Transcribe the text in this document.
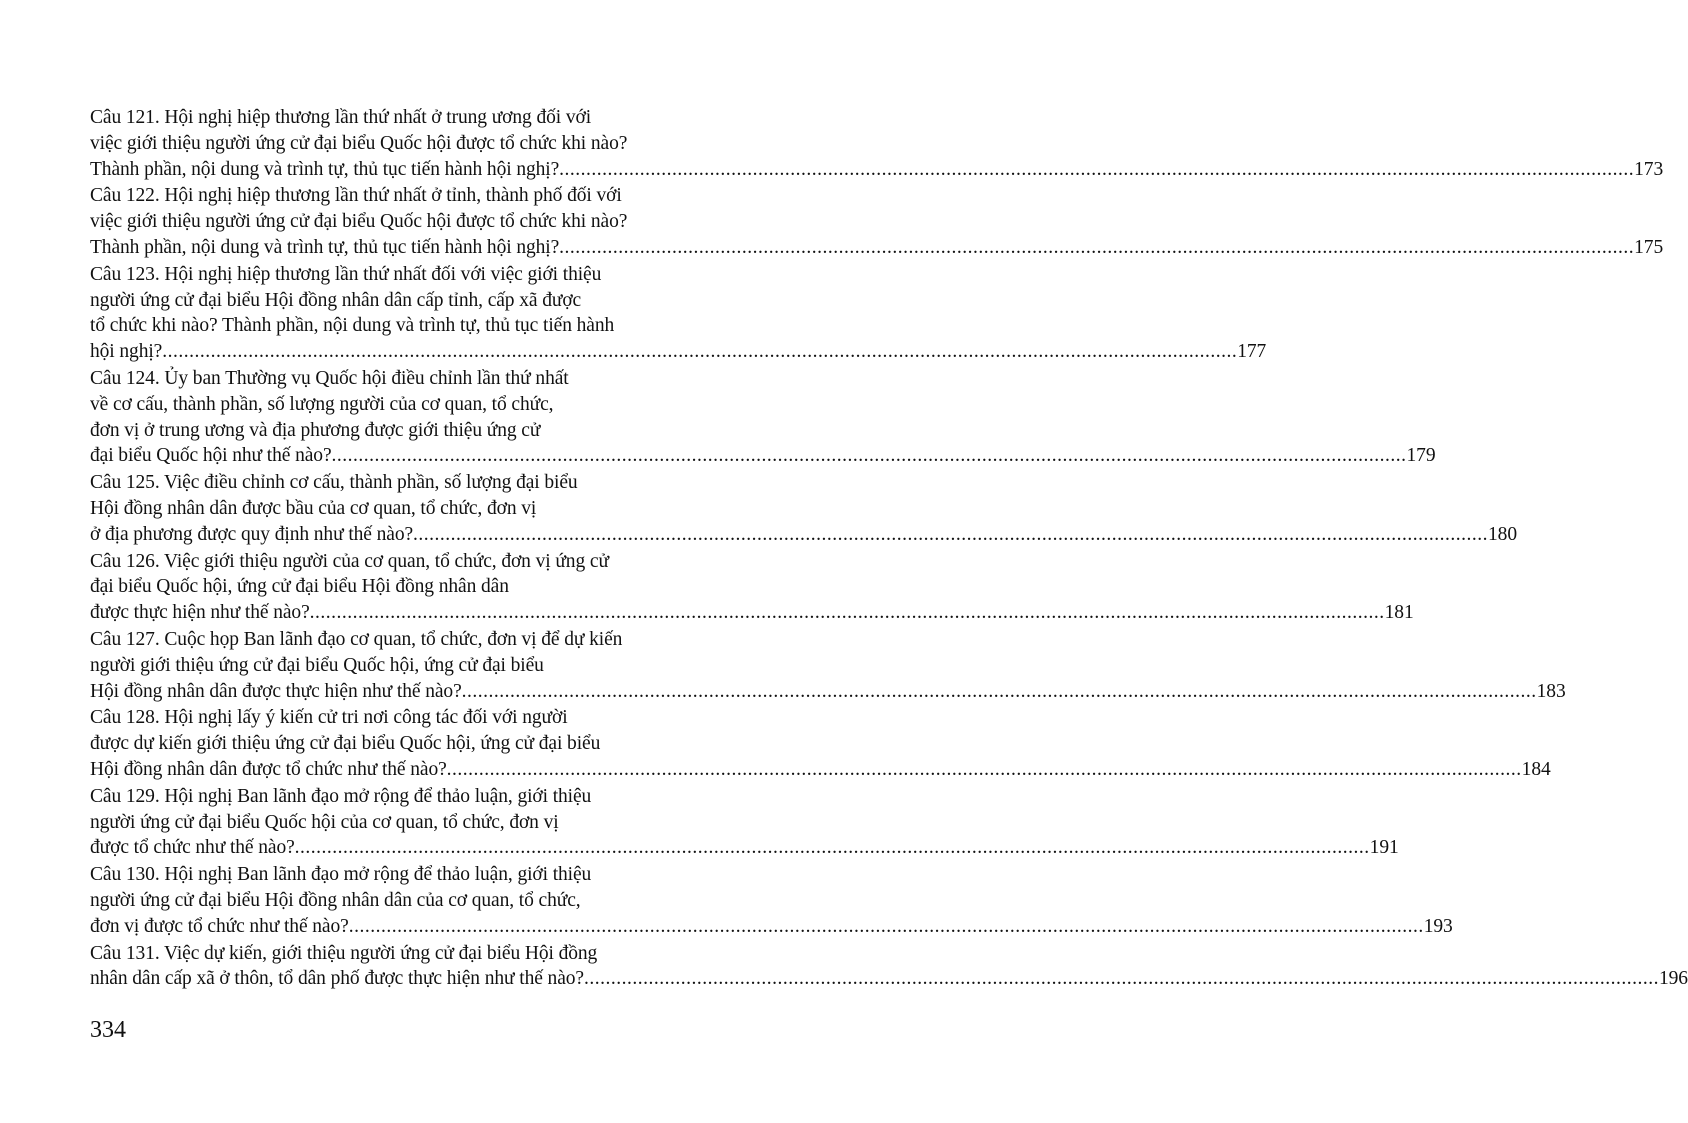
Câu 121. Hội nghị hiệp thương lần thứ nhất ở trung ương đối với
việc giới thiệu người ứng cử đại biểu Quốc hội được tổ chức khi nào?
Thành phần, nội dung và trình tự, thủ tục tiến hành hội nghị? ........................................................................................................................................................................................................ 173
Câu 122. Hội nghị hiệp thương lần thứ nhất ở tỉnh, thành phố đối với
việc giới thiệu người ứng cử đại biểu Quốc hội được tổ chức khi nào?
Thành phần, nội dung và trình tự, thủ tục tiến hành hội nghị? ........................................................................................................................................................................................................ 175
Câu 123. Hội nghị hiệp thương lần thứ nhất đối với việc giới thiệu
người ứng cử đại biểu Hội đồng nhân dân cấp tỉnh, cấp xã được
tổ chức khi nào? Thành phần, nội dung và trình tự, thủ tục tiến hành
hội nghị? ........................................................................................................................................................................................................ 177
Câu 124. Ủy ban Thường vụ Quốc hội điều chỉnh lần thứ nhất
về cơ cấu, thành phần, số lượng người của cơ quan, tổ chức,
đơn vị ở trung ương và địa phương được giới thiệu ứng cử
đại biểu Quốc hội như thế nào? ........................................................................................................................................................................................................ 179
Câu 125. Việc điều chỉnh cơ cấu, thành phần, số lượng đại biểu
Hội đồng nhân dân được bầu của cơ quan, tổ chức, đơn vị
ở địa phương được quy định như thế nào? ........................................................................................................................................................................................................ 180
Câu 126. Việc giới thiệu người của cơ quan, tổ chức, đơn vị ứng cử
đại biểu Quốc hội, ứng cử đại biểu Hội đồng nhân dân
được thực hiện như thế nào? ........................................................................................................................................................................................................ 181
Câu 127. Cuộc họp Ban lãnh đạo cơ quan, tổ chức, đơn vị để dự kiến
người giới thiệu ứng cử đại biểu Quốc hội, ứng cử đại biểu
Hội đồng nhân dân được thực hiện như thế nào? ........................................................................................................................................................................................................ 183
Câu 128. Hội nghị lấy ý kiến cử tri nơi công tác đối với người
được dự kiến giới thiệu ứng cử đại biểu Quốc hội, ứng cử đại biểu
Hội đồng nhân dân được tổ chức như thế nào? ........................................................................................................................................................................................................ 184
Câu 129. Hội nghị Ban lãnh đạo mở rộng để thảo luận, giới thiệu
người ứng cử đại biểu Quốc hội của cơ quan, tổ chức, đơn vị
được tổ chức như thế nào? ........................................................................................................................................................................................................ 191
Câu 130. Hội nghị Ban lãnh đạo mở rộng để thảo luận, giới thiệu
người ứng cử đại biểu Hội đồng nhân dân của cơ quan, tổ chức,
đơn vị được tổ chức như thế nào? ........................................................................................................................................................................................................ 193
Câu 131. Việc dự kiến, giới thiệu người ứng cử đại biểu Hội đồng
nhân dân cấp xã ở thôn, tổ dân phố được thực hiện như thế nào? ........................................................................................................................................................................................................ 196
334
